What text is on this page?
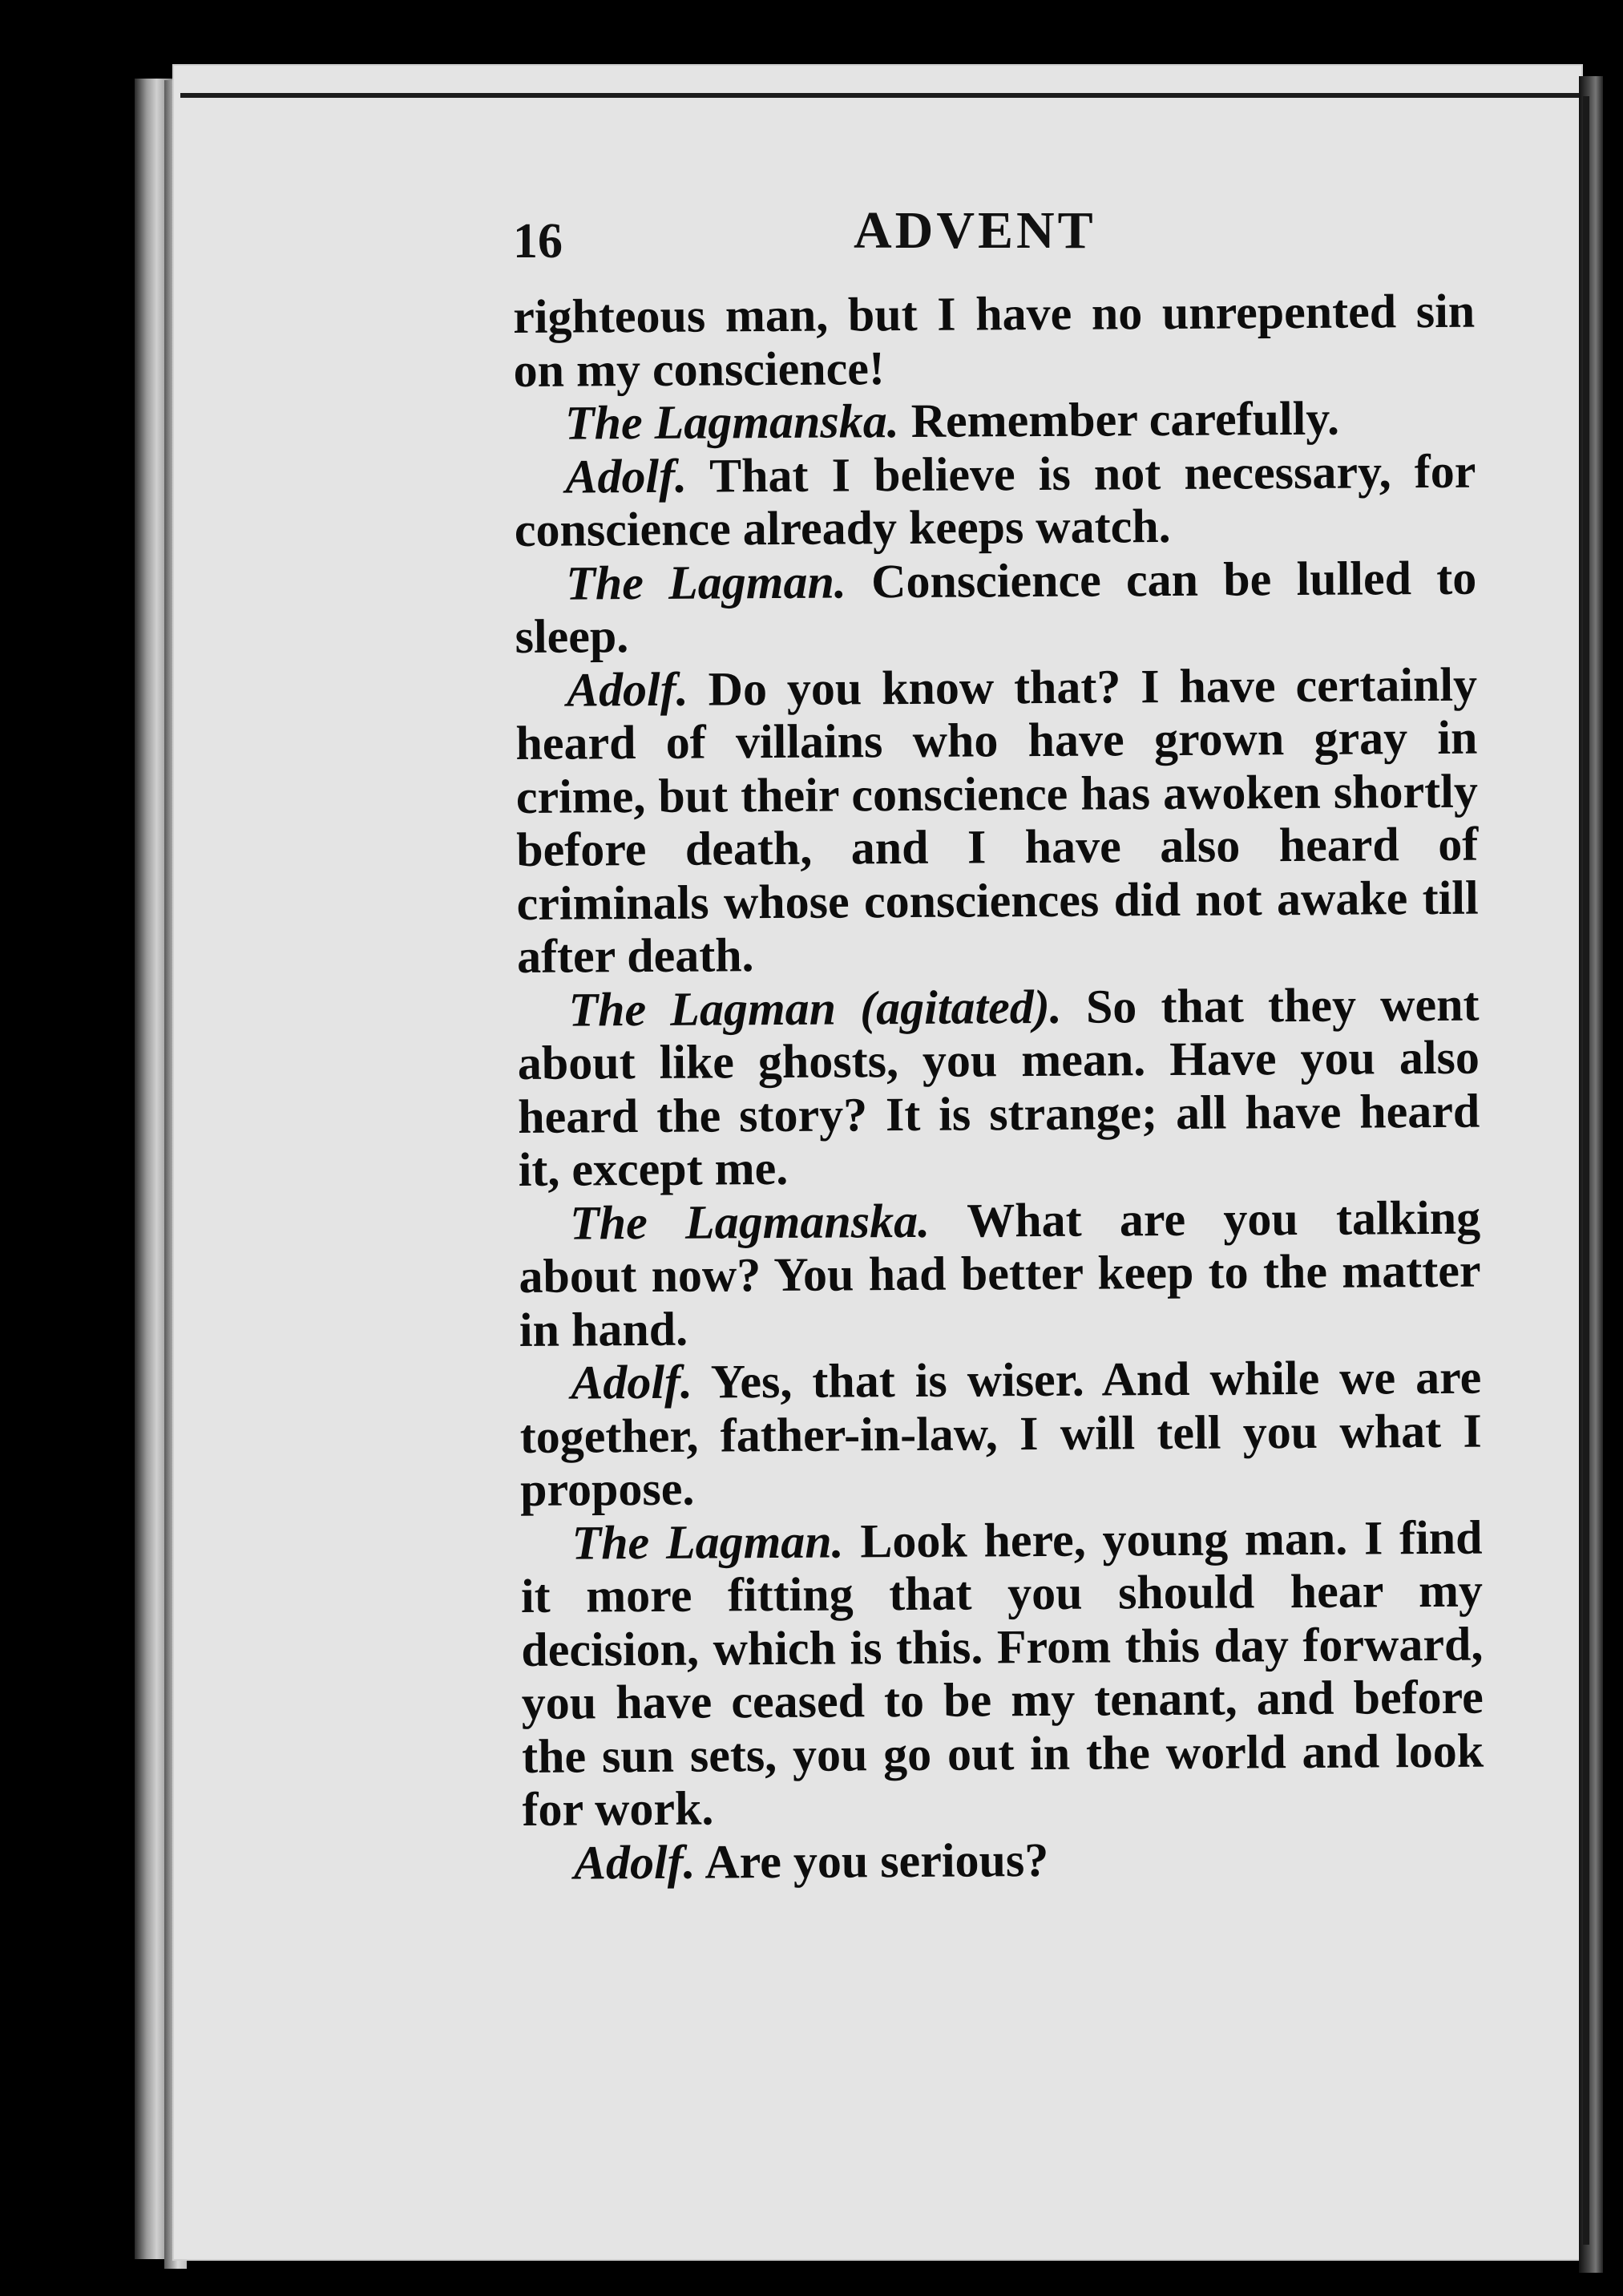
16	ADVENT

righteous man, but I have no unrepented sin on my conscience!

The Lagmanska. Remember carefully.

Adolf. That I believe is not necessary, for conscience already keeps watch.

The Lagman. Conscience can be lulled to sleep.

Adolf. Do you know that? I have certainly heard of villains who have grown gray in crime, but their conscience has awoken shortly before death, and I have also heard of criminals whose consciences did not awake till after death.

The Lagman (agitated). So that they went about like ghosts, you mean. Have you also heard the story? It is strange; all have heard it, except me.

The Lagmanska. What are you talking about now? You had better keep to the matter in hand.

Adolf. Yes, that is wiser. And while we are together, father-in-law, I will tell you what I propose.

The Lagman. Look here, young man. I find it more fitting that you should hear my decision, which is this. From this day forward, you have ceased to be my tenant, and before the sun sets, you go out in the world and look for work.

Adolf. Are you serious?
